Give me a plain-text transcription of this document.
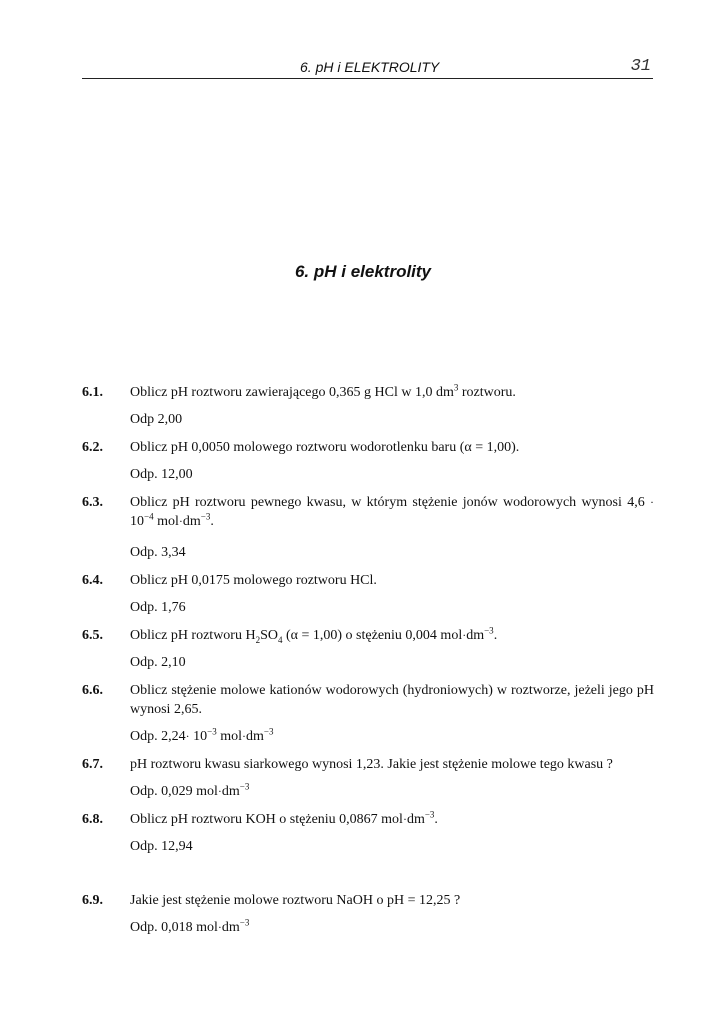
6. pH i ELEKTROLITY	31
6. pH i elektrolity
6.1. Oblicz pH roztworu zawierającego 0,365 g HCl w 1,0 $dm^3$ roztworu.
Odp 2,00
6.2. Oblicz pH 0,0050 molowego roztworu wodorotlenku baru (α = 1,00).
Odp. 12,00
6.3. Oblicz pH roztworu pewnego kwasu, w którym stężenie jonów wodorowych wynosi $4,6 \cdot 10^{-4}$ $mol\cdot dm^{-3}$.
Odp. 3,34
6.4. Oblicz pH 0,0175 molowego roztworu HCl.
Odp. 1,76
6.5. Oblicz pH roztworu $H_2SO_4$ (α = 1,00) o stężeniu 0,004 $mol\cdot dm^{-3}$.
Odp. 2,10
6.6. Oblicz stężenie molowe kationów wodorowych (hydroniowych) w roztworze, jeżeli jego pH wynosi 2,65.
Odp. $2,24\cdot 10^{-3}$ $mol\cdot dm^{-3}$
6.7. pH roztworu kwasu siarkowego wynosi 1,23. Jakie jest stężenie molowe tego kwasu ?
Odp. 0,029 $mol\cdot dm^{-3}$
6.8. Oblicz pH roztworu KOH o stężeniu 0,0867 $mol\cdot dm^{-3}$.
Odp. 12,94
6.9. Jakie jest stężenie molowe roztworu NaOH o pH = 12,25 ?
Odp. 0,018 $mol\cdot dm^{-3}$
